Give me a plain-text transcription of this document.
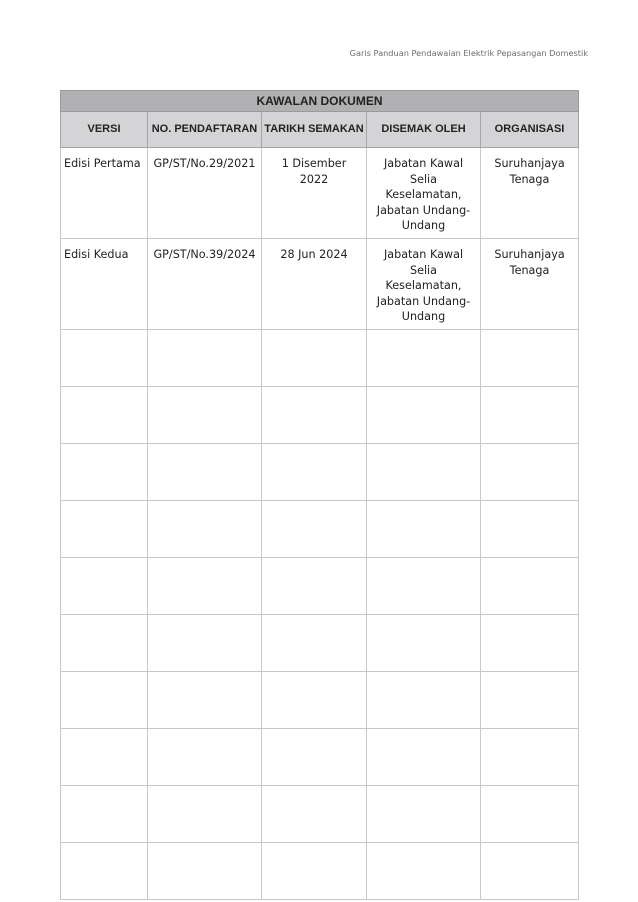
Garis Panduan Pendawaian Elektrik Pepasangan Domestik
KAWALAN DOKUMEN				
VERSI	NO. PENDAFTARAN	TARIKH SEMAKAN	DISEMAK OLEH	ORGANISASI
Edisi Pertama	GP/ST/No.29/2021	1 Disember 2022	Jabatan Kawal Selia Keselamatan, Jabatan Undang-Undang	Suruhanjaya Tenaga
Edisi Kedua	GP/ST/No.39/2024	28 Jun 2024	Jabatan Kawal Selia Keselamatan, Jabatan Undang-Undang	Suruhanjaya Tenaga
